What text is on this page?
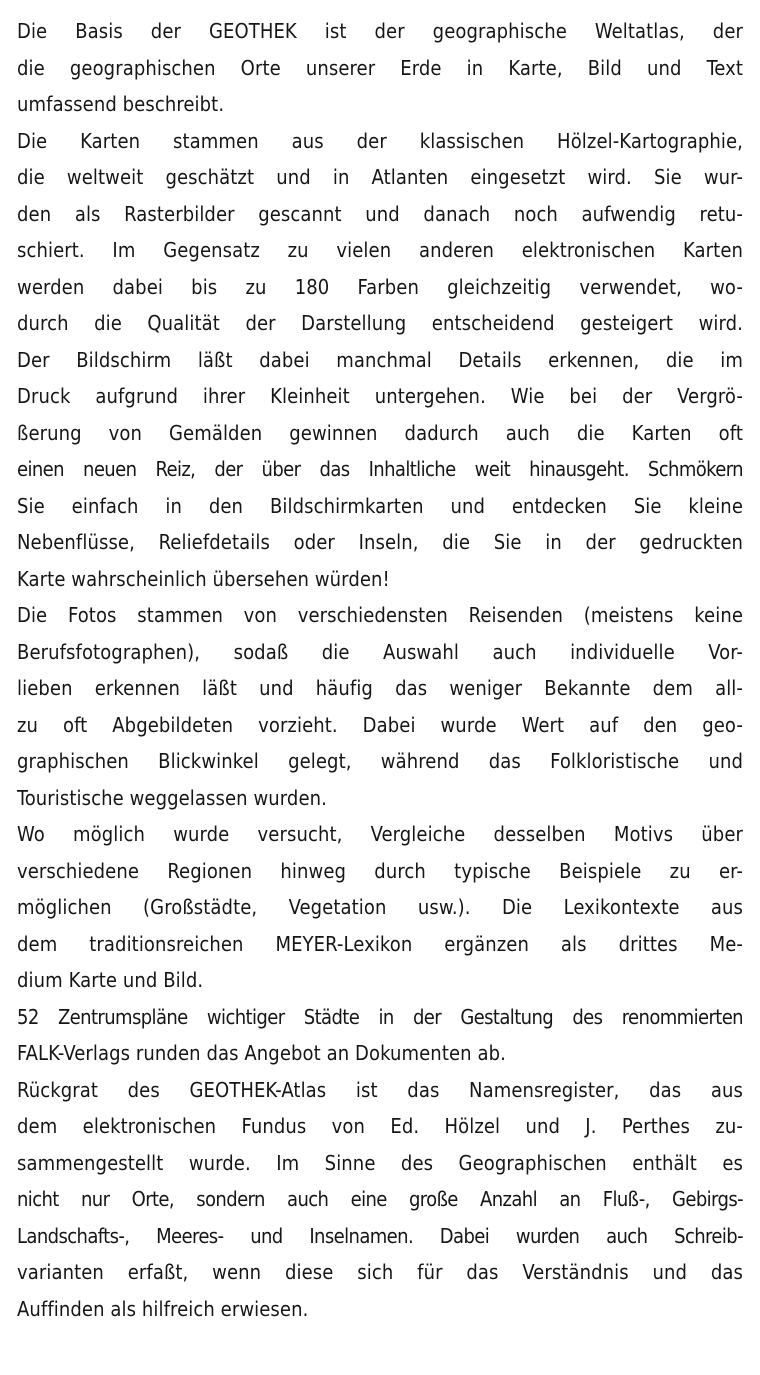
Die Basis der GEOTHEK ist der geographische Weltatlas, der
die geographischen Orte unserer Erde in Karte, Bild und Text
umfassend beschreibt.
Die Karten stammen aus der klassischen Hölzel-Kartographie,
die weltweit geschätzt und in Atlanten eingesetzt wird. Sie wur-
den als Rasterbilder gescannt und danach noch aufwendig retu-
schiert. Im Gegensatz zu vielen anderen elektronischen Karten
werden dabei bis zu 180 Farben gleichzeitig verwendet, wo-
durch die Qualität der Darstellung entscheidend gesteigert wird.
Der Bildschirm läßt dabei manchmal Details erkennen, die im
Druck aufgrund ihrer Kleinheit untergehen. Wie bei der Vergrö-
ßerung von Gemälden gewinnen dadurch auch die Karten oft
einen neuen Reiz, der über das Inhaltliche weit hinausgeht. Schmökern
Sie einfach in den Bildschirmkarten und entdecken Sie kleine
Nebenflüsse, Reliefdetails oder Inseln, die Sie in der gedruckten
Karte wahrscheinlich übersehen würden!
Die Fotos stammen von verschiedensten Reisenden (meistens keine
Berufsfotographen), sodaß die Auswahl auch individuelle Vor-
lieben erkennen läßt und häufig das weniger Bekannte dem all-
zu oft Abgebildeten vorzieht. Dabei wurde Wert auf den geo-
graphischen Blickwinkel gelegt, während das Folkloristische und
Touristische weggelassen wurden.
Wo möglich wurde versucht, Vergleiche desselben Motivs über
verschiedene Regionen hinweg durch typische Beispiele zu er-
möglichen (Großstädte, Vegetation usw.). Die Lexikontexte aus
dem traditionsreichen MEYER-Lexikon ergänzen als drittes Me-
dium Karte und Bild.
52 Zentrumspläne wichtiger Städte in der Gestaltung des renommierten
FALK-Verlags runden das Angebot an Dokumenten ab.
Rückgrat des GEOTHEK-Atlas ist das Namensregister, das aus
dem elektronischen Fundus von Ed. Hölzel und J. Perthes zu-
sammengestellt wurde. Im Sinne des Geographischen enthält es
nicht nur Orte, sondern auch eine große Anzahl an Fluß-, Gebirgs-
Landschafts-, Meeres- und Inselnamen. Dabei wurden auch Schreib-
varianten erfaßt, wenn diese sich für das Verständnis und das
Auffinden als hilfreich erwiesen.
